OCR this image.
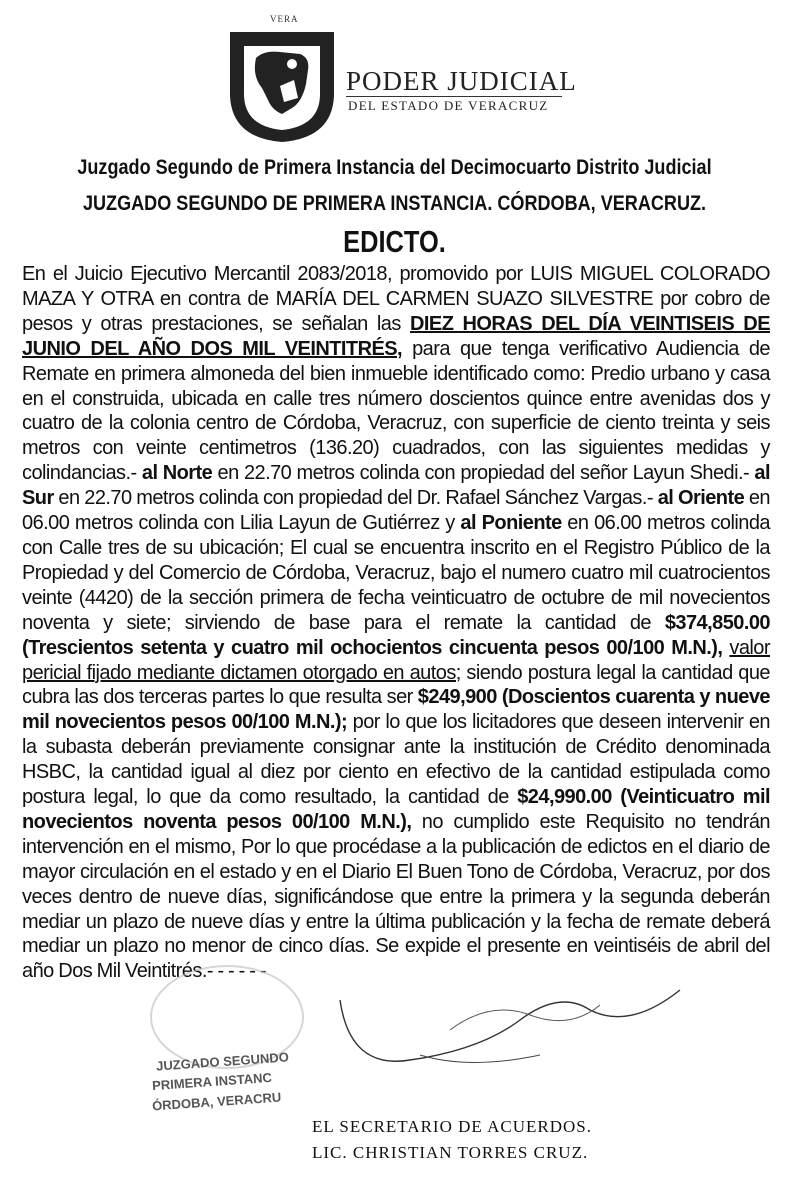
VERA
PODER JUDICIAL
DEL ESTADO DE VERACRUZ
Juzgado Segundo de Primera Instancia del Decimocuarto Distrito Judicial
JUZGADO SEGUNDO DE PRIMERA INSTANCIA. CÓRDOBA, VERACRUZ.
EDICTO.
En el Juicio Ejecutivo Mercantil 2083/2018, promovido por LUIS MIGUEL COLORADO MAZA Y OTRA en contra de MARÍA DEL CARMEN SUAZO SILVESTRE por cobro de pesos y otras prestaciones, se señalan las DIEZ HORAS DEL DÍA VEINTISEIS DE JUNIO DEL AÑO DOS MIL VEINTITRÉS, para que tenga verificativo Audiencia de Remate en primera almoneda del bien inmueble identificado como: Predio urbano y casa en el construida, ubicada en calle tres número doscientos quince entre avenidas dos y cuatro de la colonia centro de Córdoba, Veracruz, con superficie de ciento treinta y seis metros con veinte centimetros (136.20) cuadrados, con las siguientes medidas y colindancias.- al Norte en 22.70 metros colinda con propiedad del señor Layun Shedi.- al Sur en 22.70 metros colinda con propiedad del Dr. Rafael Sánchez Vargas.- al Oriente en 06.00 metros colinda con Lilia Layun de Gutiérrez y al Poniente en 06.00 metros colinda con Calle tres de su ubicación; El cual se encuentra inscrito en el Registro Público de la Propiedad y del Comercio de Córdoba, Veracruz, bajo el numero cuatro mil cuatrocientos veinte (4420) de la sección primera de fecha veinticuatro de octubre de mil novecientos noventa y siete; sirviendo de base para el remate la cantidad de $374,850.00 (Trescientos setenta y cuatro mil ochocientos cincuenta pesos 00/100 M.N.), valor pericial fijado mediante dictamen otorgado en autos; siendo postura legal la cantidad que cubra las dos terceras partes lo que resulta ser $249,900 (Doscientos cuarenta y nueve mil novecientos pesos 00/100 M.N.); por lo que los licitadores que deseen intervenir en la subasta deberán previamente consignar ante la institución de Crédito denominada HSBC, la cantidad igual al diez por ciento en efectivo de la cantidad estipulada como postura legal, lo que da como resultado, la cantidad de $24,990.00 (Veinticuatro mil novecientos noventa pesos 00/100 M.N.), no cumplido este Requisito no tendrán intervención en el mismo, Por lo que procédase a la publicación de edictos en el diario de mayor circulación en el estado y en el Diario El Buen Tono de Córdoba, Veracruz, por dos veces dentro de nueve días, significándose que entre la primera y la segunda deberán mediar un plazo de nueve días y entre la última publicación y la fecha de remate deberá mediar un plazo no menor de cinco días. Se expide el presente en veintiséis de abril del año Dos Mil Veintitrés.- - - - - -
JUZGADO SEGUNDO
PRIMERA INSTANC
ÓRDOBA, VERACRU
EL SECRETARIO DE ACUERDOS.
LIC. CHRISTIAN TORRES CRUZ.
